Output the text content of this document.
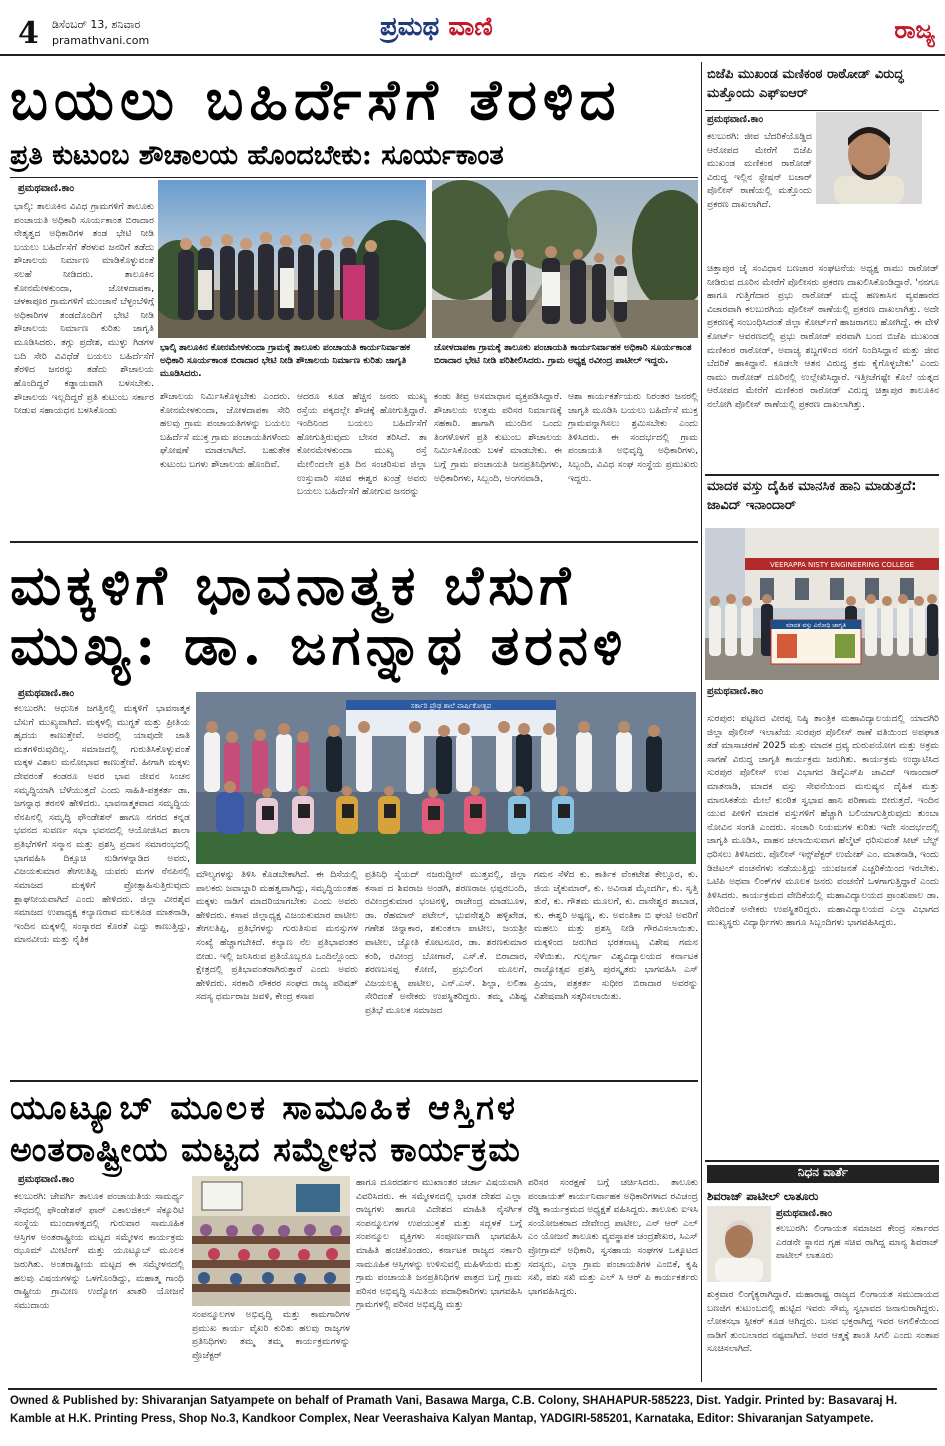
4 ಡಿಸೆಂಬರ್ 13, ಶನಿವಾರ
pramathvani.com	ಪ್ರಮಥ ವಾಣಿ	ರಾಜ್ಯ
ಬಯಲು ಬಹಿರ್ದೆಸೆಗೆ ತೆರಳಿದ
ಪ್ರತಿ ಕುಟುಂಬ ಶೌಚಾಲಯ ಹೊಂದಬೇಕು: ಸೂರ್ಯಕಾಂತ
ಪ್ರಮಥವಾಣಿ.ಕಾಂ
ಭಾಲ್ಕಿ: ತಾಲೂಕಿನ ವಿವಿಧ ಗ್ರಾಮಗಳಿಗೆ ತಾಲೂಕು ಪಂಚಾಯತಿ ಅಧಿಕಾರಿ ಸೂರ್ಯಕಾಂತ ಬಿರಾದಾರ ನೇತೃತ್ವದ ಅಧಿಕಾರಿಗಳ ತಂಡ ಭೇಟಿ ನೀಡಿ ಬಯಲು ಬಹಿರ್ದೆಸೆಗೆ ತೆರಳುವ ಜನರಿಗೆ ತಡೆದು ಶೌಚಾಲಯ ನಿರ್ಮಾಣ ಮಾಡಿಕೊಳ್ಳುವಂತೆ ಸಲಹೆ ನೀಡಿದರು. ತಾಲೂಕಿನ ಕೋನಮೇಳಕುಂದಾ, ಜೋಳದಾಪಕಾ, ಚಳಕಾಪೂರ ಗ್ರಾಮಗಳಿಗೆ ಮುಂಜಾನೆ ಬೆಳ್ಳಂಬೆಳಿಗ್ಗೆ ಅಧಿಕಾರಿಗಳ ತಂಡದೊಂದಿಗೆ ಭೇಟಿ ನೀಡಿ ಶೌಚಾಲಯ ನಿರ್ಮಾಣ ಕುರಿತು ಜಾಗೃತಿ ಮೂಡಿಸಿದರು. ತಗ್ಗು ಪ್ರದೇಶ, ಮುಳ್ಳು ಗಿಡಗಳ ಬದಿ ಸೇರಿ ವಿವಿಧೆಡೆ ಬಯಲು ಬಹಿರ್ದೆಸೆಗೆ ತೆರಳಿದ ಜನರನ್ನು ತಡೆದು ಶೌಚಾಲಯ ಹೊಂದಿದ್ದರೆ ಕಡ್ಡಾಯವಾಗಿ ಬಳಸಬೇಕು. ಶೌಚಾಲಯ ಇಲ್ಲದಿದ್ದರೆ ಪ್ರತಿ ಕುಟುಂಬ ಸರ್ಕಾರ ನೀಡುವ ಸಹಾಯಧನ ಬಳಸಿಕೊಂಡು
ಭಾಲ್ಕಿ ತಾಲೂಕಿನ ಕೋನಮೇಳಕುಂದಾ ಗ್ರಾಮಕ್ಕೆ ತಾಲೂಕು ಪಂಚಾಯತಿ ಕಾರ್ಯನಿರ್ವಾಹಕ ಅಧಿಕಾರಿ ಸೂರ್ಯಕಾಂತ ಬಿರಾದಾರ ಭೇಟಿ ನೀಡಿ ಶೌಚಾಲಯ ನಿರ್ಮಾಣ ಕುರಿತು ಜಾಗೃತಿ ಮೂಡಿಸಿದರು.
ಜೋಳದಾಪಕಾ ಗ್ರಾಮಕ್ಕೆ ತಾಲೂಕು ಪಂಚಾಯತಿ ಕಾರ್ಯನಿರ್ವಾಹಕ ಅಧಿಕಾರಿ ಸೂರ್ಯಕಾಂತ ಬಿರಾದಾರ ಭೇಟಿ ನೀಡಿ ಪರಿಶೀಲಿಸಿದರು. ಗ್ರಾಮ ಅಧ್ಯಕ್ಷ ರವೀಂದ್ರ ಪಾಟೀಲ್ ಇದ್ದರು.
ಶೌಚಾಲಯ ನಿರ್ಮಿಸಿಕೊಳ್ಳಬೇಕು ಎಂದರು. ಕೋನಮೇಳಕುಂದಾ, ಜೋಳದಾಪಕಾ ಸೇರಿ ಹಲವು ಗ್ರಾಮ ಪಂಚಾಯತಿಗಳನ್ನು ಬಯಲು ಬಹಿರ್ದೆಸೆ ಮುಕ್ತ ಗ್ರಾಮ ಪಂಚಾಯತಿಗಳೆಂದು ಘೋಷಣೆ ಮಾಡಲಾಗಿದೆ. ಬಹುತೇಕ ಕುಟುಂಬ ಬಗಳು ಶೌಚಾಲಯ ಹೊಂದಿವೆ.
ಆದರೂ ಕೂಡ ಹೆಚ್ಚಿನ ಜನರು ಮುಖ್ಯ ರಸ್ತೆಯ ಪಕ್ಕದಲ್ಲೇ ಶೌಚಕ್ಕೆ ಹೋಗುತ್ತಿದ್ದಾರೆ. ಇಂದಿನಿಂದ ಬಯಲು ಬಹಿರ್ದೆಸೆಗೆ ಹೋಗುತ್ತಿರುವುದು ಬೇಸರ ತರಿಸಿದೆ. ತಾ ಕೋನಮೇಳಕುಂದಾ ಮುಖ್ಯ ರಸ್ತೆ ಮೇಲಿಂದಲೇ ಪ್ರತಿ ದಿನ ಸಂಚರಿಸುವ ಜಿಲ್ಲಾ ಉಸ್ತುವಾರಿ ಸಚಿವ ಈಶ್ವರ ಖಂಡ್ರೆ ಅವರು ಬಯಲು ಬಹಿರ್ದೆಸೆಗೆ ಹೋಗುವ ಜನರನ್ನು
ಕಂಡು ತೀವ್ರ ಅಸಮಾಧಾನ ವ್ಯಕ್ತಪಡಿಸಿದ್ದಾರೆ. ಶೌಚಾಲಯ ಉತ್ತಮ ಪರಿಸರ ನಿರ್ಮಾಣಕ್ಕೆ ಸಹಕಾರಿ. ಹಾಗಾಗಿ ಮುಂದಿನ ಒಂದು ತಿಂಗಳೊಳಗೆ ಪ್ರತಿ ಕುಟುಂಬ ಶೌಚಾಲಯ ನಿರ್ಮಿಸಿಕೊಂಡು ಬಳಕೆ ಮಾಡಬೇಕು. ಈ ಬಗ್ಗೆ ಗ್ರಾಮ ಪಂಚಾಯತಿ ಜನಪ್ರತಿನಿಧಿಗಳು, ಅಧಿಕಾರಿಗಳು, ಸಿಬ್ಬಂದಿ, ಅಂಗನವಾಡಿ,
ಆಶಾ ಕಾರ್ಯಕರ್ತೆಯರು ನಿರಂತರ ಜನರಲ್ಲಿ ಜಾಗೃತಿ ಮೂಡಿಸಿ ಬಯಲು ಬಹಿರ್ದೆಸೆ ಮುಕ್ತ ಗ್ರಾಮವನ್ನಾಗಿಸಲು ಶ್ರಮಿಸಬೇಕು ಎಂದು ತಿಳಿಸಿದರು. ಈ ಸಂದರ್ಭದಲ್ಲಿ ಗ್ರಾಮ ಪಂಚಾಯತಿ ಅಭಿವೃದ್ಧಿ ಅಧಿಕಾರಿಗಳು, ಸಿಬ್ಬಂದಿ, ವಿವಿಧ ಸಂಘ ಸಂಸ್ಥೆಯ ಪ್ರಮುಖರು ಇದ್ದರು.
ಬಿಜೆಪಿ ಮುಖಂಡ ಮಣಿಕಂಠ ರಾಠೋಡ್ ವಿರುದ್ಧ ಮತ್ತೊಂದು ಎಫ್‌ಐಆರ್
ಪ್ರಮಥವಾಣಿ.ಕಾಂ
ಕಲಬುರಗಿ: ಜೀವ ಬೆದರಿಕೆಯೊಡ್ಡಿದ ಆರೋಪದ ಮೇರೆಗೆ ಬಿಜೆಪಿ ಮುಖಂಡ ಮಣಿಕಂಠ ರಾಠೋಡ್ ವಿರುದ್ಧ ಇಲ್ಲಿನ ಸ್ಟೇಷನ್ ಬಜಾರ್ ಪೊಲೀಸ್ ಠಾಣೆಯಲ್ಲಿ ಮತ್ತೊಂದು ಪ್ರಕರಣ ದಾಖಲಾಗಿದೆ.
ಚಿತ್ತಾಪುರ ಜೈ ಸಂವಿಧಾನ ಬಣಜಾರ ಸಂಘಟನೆಯ ಅಧ್ಯಕ್ಷ ರಾಮು ರಾಠೋಡ್ ನೀಡಿರುವ ದೂರಿನ ಮೇರೆಗೆ ಪೊಲೀಸರು ಪ್ರಕರಣ ದಾಖಲಿಸಿಕೊಂಡಿದ್ದಾರೆ. 'ನನಗೂ ಹಾಗೂ ಗುತ್ತಿಗೆದಾರ ಪ್ರಭು ರಾಠೋಡ್ ಮಧ್ಯೆ ಹಣಕಾಸಿನ ವ್ಯವಹಾರದ ವಿಚಾರವಾಗಿ ಕಲಬುರಗಿಯ ಪೊಲೀಸ್ ಠಾಣೆಯಲ್ಲಿ ಪ್ರಕರಣ ದಾಖಲಾಗಿತ್ತು. ಅದೇ ಪ್ರಕರಣಕ್ಕೆ ಸಂಬಂಧಿಸಿದಂತೆ ಜಿಲ್ಲಾ ಕೋರ್ಟ್‌ಗೆ ಹಾಜರಾಗಲು ಹೋಗಿದ್ದೆ. ಈ ವೇಳೆ ಕೋರ್ಟ್ ಆವರಣದಲ್ಲಿ ಪ್ರಭು ರಾಠೋಡ್ ಪರವಾಗಿ ಬಂದ ಬಿಜೆಪಿ ಮುಖಂಡ ಮಣಿಕಂಠ ರಾಠೋಡ್, ಅವಾಚ್ಯ ಶಬ್ದಗಳಿಂದ ನನಗೆ ನಿಂದಿಸಿದ್ದಾನೆ ಮತ್ತು ಜೀವ ಬೆದರಿಕೆ ಹಾಕಿದ್ದಾನೆ. ಕೂಡಲೇ ಆತನ ವಿರುದ್ಧ ಕ್ರಮ ಕೈಗೊಳ್ಳಬೇಕು' ಎಂದು ರಾಮು ರಾಠೋಡ್ ದೂರಿನಲ್ಲಿ ಉಲ್ಲೇಖಿಸಿದ್ದಾರೆ. ಇತ್ತೀಚೆಗಷ್ಟೇ ಕೊಲೆ ಯತ್ನದ ಆರೋಪದ ಮೇರೆಗೆ ಮಣಿಕಂಠ ರಾಠೋಡ್ ವಿರುದ್ಧ ಚಿತ್ತಾಪುರ ತಾಲೂಕಿನ ನಲೋಗಿ ಪೊಲೀಸ್ ಠಾಣೆಯಲ್ಲಿ ಪ್ರಕರಣ ದಾಖಲಾಗಿತ್ತು.
ಮಾದಕ ವಸ್ತು ದೈಹಿಕ ಮಾನಸಿಕ ಹಾನಿ ಮಾಡುತ್ತದೆ: ಜಾವಿದ್ ಇನಾಂದಾರ್
VEERAPPA NISTY ENGINEERING COLLEGE
ಮಾದಕ ವಸ್ತು ವಿರೋಧಿ ಜಾಗೃತಿ
ಪ್ರಮಥವಾಣಿ.ಕಾಂ
ಸುರಪುರ: ಪಟ್ಟಣದ ವೀರಪ್ಪ ನಿಷ್ಠಿ ತಾಂತ್ರಿಕ ಮಹಾವಿದ್ಯಾಲಯದಲ್ಲಿ ಯಾದಗಿರಿ ಜಿಲ್ಲಾ ಪೊಲೀಸ್ ಇಲಾಖೆಯ ಸುರಪುರ ಪೊಲೀಸ್ ಠಾಣೆ ವತಿಯಿಂದ ಅಪಘಾತ ತಡೆ ಮಾಸಾಚರಣೆ 2025 ಮತ್ತು ಮಾದಕ ದ್ರವ್ಯ ದುರುಪಯೋಗ ಮತ್ತು ಅಕ್ರಮ ಸಾಗಣೆ ವಿರುದ್ಧ ಜಾಗೃತಿ ಕಾರ್ಯಕ್ರಮ ಜರುಗಿತು. ಕಾರ್ಯಕ್ರಮ ಉದ್ಘಾಟಿಸಿದ ಸುರಪುರ ಪೊಲೀಸ್ ಉಪ ವಿಭಾಗದ ಡಿವೈಎಸ್‌ಪಿ ಜಾವಿದ್ ಇನಾಂದಾರ್ ಮಾತನಾಡಿ, ಮಾದಕ ವಸ್ತು ಸೇವನೆಯಿಂದ ಮನುಷ್ಯನ ದೈಹಿಕ ಮತ್ತು ಮಾನಸಿಕತೆಯ ಮೇಲೆ ಕುಂಠಿತ ಸ್ವಭಾವ ಹಾನಿ ಪರಿಣಾಮ ಬೀರುತ್ತದೆ. ಇಂದಿನ ಯುವ ಪೀಳಿಗೆ ಮಾದಕ ವಸ್ತುಗಳಿಗೆ ಹೆಚ್ಚಾಗಿ ಬಲಿಯಾಗುತ್ತಿರುವುದು ತುಂಬಾ ನೋವಿನ ಸಂಗತಿ ಎಂದರು. ಸಂಚಾರಿ ನಿಯಮಗಳ ಕುರಿತು ಇದೇ ಸಂದರ್ಭದಲ್ಲಿ ಜಾಗೃತಿ ಮೂಡಿಸಿ, ವಾಹನ ಚಲಾಯಿಸುವಾಗ ಹೆಲ್ಮೆಟ್ ಧರಿಸುವಂತೆ ಸೀಟ್ ಬೆಲ್ಟ್ ಧರಿಸಲು ತಿಳಿಸಿದರು. ಪೊಲೀಸ್ ಇನ್ಸ್‌ಪೆಕ್ಟರ್ ಉಮೇಶ್ ಎಂ. ಮಾತನಾಡಿ, ಇಂದು ಡಿಜಿಟಲ್ ವಂಚನೆಗಳು ನಡೆಯುತ್ತಿದ್ದು ಯುವಜನತೆ ಎಚ್ಚರಿಕೆಯಿಂದ ಇರಬೇಕು. ಒಟಿಪಿ ಅಥವಾ ಲಿಂಕ್‌ಗಳ ಮೂಲಕ ಜನರು ವಂಚನೆಗೆ ಒಳಗಾಗುತ್ತಿದ್ದಾರೆ ಎಂದು ತಿಳಿಸಿದರು. ಕಾರ್ಯಕ್ರಮದ ವೇದಿಕೆಯಲ್ಲಿ ಮಹಾವಿದ್ಯಾಲಯದ ಪ್ರಾಂಶುಪಾಲ ಡಾ. ಸೇರಿದಂತೆ ಅನೇಕರು ಉಪಸ್ಥಿತರಿದ್ದರು. ಮಹಾವಿದ್ಯಾಲಯದ ಎಲ್ಲಾ ವಿಭಾಗದ ಮುಖ್ಯಸ್ಥರು ವಿದ್ಯಾರ್ಥಿಗಳು ಹಾಗೂ ಸಿಬ್ಬಂದಿಗಳು ಭಾಗವಹಿಸಿದ್ದರು.
ಮಕ್ಕಳಿಗೆ ಭಾವನಾತ್ಮಕ ಬೆಸುಗೆ
ಮುಖ್ಯ: ಡಾ. ಜಗನ್ನಾಥ ತರನಳಿ
ಪ್ರಮಥವಾಣಿ.ಕಾಂ
ಕಲಬುರಗಿ: ಆಧುನಿಕ ಜಗತ್ತಿನಲ್ಲಿ ಮಕ್ಕಳಿಗೆ ಭಾವನಾತ್ಮಕ ಬೆಸುಗೆ ಮುಖ್ಯವಾಗಿದೆ. ಮಕ್ಕಳಲ್ಲಿ ಮುಗ್ಧತೆ ಮತ್ತು ಪ್ರೀತಿಯ ಹೃದಯ ಕಾಣುತ್ತೇವೆ. ಅವರಲ್ಲಿ ಯಾವುದೇ ಜಾತಿ ಮತಗಳಿರುವುದಿಲ್ಲ. ಸಮಾಜದಲ್ಲಿ ಗುರುತಿಸಿಕೊಳ್ಳುವಂತೆ ಮಕ್ಕಳ ವಿಶಾಲ ಮನೋಭಾವ ಕಾಣುತ್ತೇವೆ. ಹೀಗಾಗಿ ಮಕ್ಕಳು ದೇವರಂತೆ ಕಂಡರೂ ಅವರ ಭಾವ ಜೀವನ ಸಿಂಚನ ಸಮೃದ್ಧಿಯಾಗಿ ಬೆಳೆಯುತ್ತದೆ ಎಂದು ಸಾಹಿತಿ-ಪತ್ರಕರ್ತ ಡಾ. ಜಗನ್ನಾಥ ತರನಳಿ ಹೇಳಿದರು. ಭಾವನಾತ್ಮಕವಾದ ಸಮೃದ್ಧಿಯ ನೆನಪಿನಲ್ಲಿ ಸಮೃದ್ಧಿ ಫೌಂಡೇಶನ್ ಹಾಗೂ ನಗರದ ಕನ್ನಡ ಭವನದ ಸುವರ್ಣ ಸಭಾ ಭವನದಲ್ಲಿ ಆಯೋಜಿಸಿದ ಶಾಲಾ ಪ್ರತಿಭೆಗಳಿಗೆ ಸನ್ಮಾನ ಮತ್ತು ಪ್ರಶಸ್ತಿ ಪ್ರದಾನ ಸಮಾರಂಭದಲ್ಲಿ ಭಾಗವಹಿಸಿ ದಿಕ್ಸೂಚಿ ನುಡಿಗಳನ್ನಾಡಿದ ಅವರು, ವಿಜಯಕುಮಾರ ತೇಗಲತಿಪ್ಪಿ ಯವರು ಮಗಳ ನೆನಪಿನಲ್ಲಿ ಸಮಾಜದ ಮಕ್ಕಳಿಗೆ ಪ್ರೋತ್ಸಾಹಿಸುತ್ತಿರುವುದು ಶ್ಲಾಘನೀಯವಾಗಿದೆ ಎಂದು ಹೇಳಿದರು. ಜಿಲ್ಲಾ ವೀರಶೈವ ಸಮಾಜದ ಉಪಾಧ್ಯಕ್ಷ ಕಲ್ಯಾಣರಾವ ಮಲಕೂಡ ಮಾತನಾಡಿ, ಇಂದಿನ ಮಕ್ಕಳಲ್ಲಿ ಸಂಸ್ಕಾರದ ಕೊರತೆ ಎದ್ದು ಕಾಣುತ್ತಿದ್ದು, ಮಾನವೀಯ ಮತ್ತು ನೈತಿಕ
ಸರ್ಕಾರಿ ಪ್ರೌಢ ಶಾಲೆ ವಾರ್ಷಿಕೋತ್ಸವ
ಮೌಲ್ಯಗಳನ್ನು ತಿಳಿಸಿ ಕೊಡಬೇಕಾಗಿದೆ. ಈ ದಿಸೆಯಲ್ಲಿ ಪಾಲಕರು ಜವಾಬ್ದಾರಿ ಮಹತ್ವವಾಗಿದ್ದು, ಸಮೃದ್ಧಿಯಂತಹ ಮಕ್ಕಳು ನಾಡಿಗೆ ಮಾದರಿಯಾಗಬೇಕು ಎಂದು ಅವರು ಹೇಳಿದರು. ಕಸಾಪ ಜಿಲ್ಲಾಧ್ಯಕ್ಷ ವಿಜಯಕುಮಾರ ಪಾಟೀಲ ತೇಗಲತಿಪ್ಪಿ, ಪ್ರತಿಭೆಗಳನ್ನು ಗುರುತಿಸುವ ಮನಸ್ಸುಗಳ ಸಂಖ್ಯೆ ಹೆಚ್ಚಾಗಬೇಕಿದೆ. ಕಲ್ಯಾಣ ನೆಲ ಪ್ರತಿಭಾವಂತರ ಬೀಡು. ಇಲ್ಲಿ ಜನಿಸಿರುವ ಪ್ರತಿಯೊಬ್ಬರೂ ಒಂದಿಲ್ಲೊಂದು ಕ್ಷೇತ್ರದಲ್ಲಿ ಪ್ರತಿಭಾವಂತರಾಗಿರುತ್ತಾರೆ ಎಂದು ಅವರು ಹೇಳಿದರು. ಸರಕಾರಿ ನೌಕರರ ಸಂಘದ ರಾಜ್ಯ ಪರಿಷತ್ ಸದಸ್ಯ ಧರ್ಮರಾಜ ಜವಳಿ, ಕೇಂದ್ರ ಕಸಾಪ
ಪ್ರತಿನಿಧಿ ಸೈಯದ್ ನಜರುದ್ದೀನ್ ಮುತ್ತವಲ್ಲಿ, ಜಿಲ್ಲಾ ಕಸಾಪ ದ ಶಿವರಾಜ ಅಂಡಗಿ, ಶರಣರಾಜ ಛಪ್ಪರಬಂದಿ, ರವೀಂದ್ರಕುಮಾರ ಭಂಟನಳ್ಳಿ, ರಾಜೇಂದ್ರ ಮಾಡಬೂಳ, ಡಾ. ರೆಹಮಾನ್ ಪಟೇಲ್, ಭುವನೇಶ್ವರಿ ಹಳ್ಳಿಖೇಡ, ಗಣೇಶ ಚಿನ್ನಾಕಾರ, ಶಕುಂತಲಾ ಪಾಟೀಲ, ಜಯಶ್ರೀ ಪಾಟೀಲ, ಜ್ಯೋತಿ ಕೋಟನೂರ, ಡಾ. ಶರಣಕುಮಾರ ಕಂಠಿ, ರವೀಂದ್ರ ಬೋಗಾರೆ, ಎಸ್.ಕೆ. ಬಿರಾದಾರ, ಶರಣಬಸಪ್ಪ ಕೋಣಿ, ಪ್ರಭುಲಿಂಗ ಮೂಲಗೆ, ವಿಜಯಲಕ್ಷ್ಮಿ ಪಾಟೀಲ, ಎನ್.ಎಸ್. ಶಿಲ್ಪಾ, ಲಲಿತಾ ಸೇರಿದಂತೆ ಅನೇಕರು ಉಪಸ್ಥಿತರಿದ್ದರು. ತಮ್ಮ ವಿಶಿಷ್ಟ ಪ್ರತಿಭೆ ಮೂಲಕ ಸಮಾಜದ
ಗಮನ ಸೆಳೆದ ಕು. ಕಾರ್ತಿಕ ವೆಂಕಟೇಶ ಕೇಲ್ಲೂರ, ಕು. ಜಿಯ ಜೈಕುಮಾರ್, ಕು. ಅವಿನಾಶ ಮೈಂದರ್ಗಿ, ಕು. ಸೃತ್ತಿ ತುರೆ, ಕು. ಗೌತಮ ಮೂಲಗೆ, ಕು. ದಾನೇಶ್ವರ ಶಾಬಾಡ, ಕು. ಈಶ್ವರಿ ಅಷ್ಟಣ್ಣ, ಕು. ಅವಂತಿಕಾ ಬಿ ಘಂಟಿ ಅವರಿಗೆ ಮಹಲು ಮತ್ತು ಪ್ರಶಸ್ತಿ ನೀಡಿ ಗೌರವಿಸಲಾಯಿತು. ಮಕ್ಕಳಿಂದ ಜರುಗಿದ ಭರತನಾಟ್ಯ ವಿಶೇಷ ಗಮನ ಸೆಳೆಯಿತು. ಗುಲ್ಬರ್ಗಾ ವಿಶ್ವವಿದ್ಯಾಲಯದ ಕರ್ನಾಟಕ ರಾಜ್ಯೋತ್ಸವ ಪ್ರಶಸ್ತಿ ಪುರಸ್ಕೃತರು ಭಾಗವಹಿಸಿ ಎಸ್ ಪ್ರಿಯಾ, ಪತ್ರಕರ್ತ ಸುಧೀರ ಬಿರಾದಾರ ಅವರನ್ನು ವಿಶೇಷವಾಗಿ ಸತ್ಕರಿಸಲಾಯಿತು.
ಯೂಟ್ಯೂಬ್ ಮೂಲಕ ಸಾಮೂಹಿಕ ಆಸ್ತಿಗಳ
ಅಂತರಾಷ್ಟ್ರೀಯ ಮಟ್ಟದ ಸಮ್ಮೇಳನ ಕಾರ್ಯಕ್ರಮ
ಪ್ರಮಥವಾಣಿ.ಕಾಂ
ಕಲಬುರಗಿ: ಜೇವರ್ಗಿ ತಾಲೂಕ ಪಂಚಾಯತಿಯ ಸಾಮರ್ಥ್ಯ ಸೌಧದಲ್ಲಿ ಫೌಂಡೇಶನ್ ಫಾರ್ ಎಕಾಲಜಿಕಲ್ ಸೆಕ್ಯೂರಿಟಿ ಸಂಸ್ಥೆಯ ಮುಂದಾಳತ್ವದಲ್ಲಿ ಗುರುವಾರ ಸಾಮೂಹಿಕ ಆಸ್ತಿಗಳ ಅಂತರಾಷ್ಟ್ರೀಯ ಮಟ್ಟದ ಸಮ್ಮೇಳನ ಕಾರ್ಯಕ್ರಮ ಝೂಮ್ ಮೀಟಿಂಗ್ ಮತ್ತು ಯೂಟ್ಯೂಬ್ ಮೂಲಕ ಜರುಗಿತು. ಅಂತರಾಷ್ಟ್ರೀಯ ಮಟ್ಟದ ಈ ಸಮ್ಮೇಳನದಲ್ಲಿ ಹಲವು ವಿಷಯಗಳನ್ನು ಒಳಗೊಂಡಿದ್ದು, ಮಹಾತ್ಮ ಗಾಂಧಿ ರಾಷ್ಟ್ರೀಯ ಗ್ರಾಮೀಣ ಉದ್ಯೋಗ ಖಾತರಿ ಯೋಜನೆ ಸಮುದಾಯ
ಸಂಪನ್ಮೂಲಗಳ ಅಭಿವೃದ್ಧಿ ಮತ್ತು ಕಾಮಗಾರಿಗಳ ಪ್ರಮುಖ ಕಾರ್ಯ ವೈಖರಿ ಕುರಿತು ಹಲವು ರಾಜ್ಯಗಳ ಪ್ರತಿನಿಧಿಗಳು ತಮ್ಮ ತಮ್ಮ ಕಾರ್ಯಕ್ರಮಗಳನ್ನು ಪ್ರೊಜೆಕ್ಟರ್
ಹಾಗೂ ದೂರದರ್ಶನ ಮುಖಾಂತರ ಚರ್ಚಾ ವಿಷಯವಾಗಿ ವಿವರಿಸಿದರು. ಈ ಸಮ್ಮೇಳನದಲ್ಲಿ ಭಾರತ ದೇಶದ ಎಲ್ಲಾ ರಾಜ್ಯಗಳು ಹಾಗೂ ವಿದೇಶದ ಮಾಹಿತಿ ನೈಸರ್ಗಿಕ ಸಂಪನ್ಮೂಲಗಳ ಉಪಯುಕ್ತತೆ ಮತ್ತು ಸದ್ಬಳಕೆ ಬಗ್ಗೆ ಸಂಪನ್ಮೂಲ ವ್ಯಕ್ತಿಗಳು ಸಂಪೂರ್ಣವಾಗಿ ಭಾಗವಹಿಸಿ ಮಾಹಿತಿ ಹಂಚಿಕೊಂಡರು. ಕರ್ನಾಟಕ ರಾಜ್ಯದ ಸರ್ಕಾರಿ ಸಾಮೂಹಿಕ ಆಸ್ತಿಗಳನ್ನು ಉಳಿಸುವಲ್ಲಿ ಮಹಿಳೆಯರು ಮತ್ತು ಗ್ರಾಮ ಪಂಚಾಯತಿ ಜನಪ್ರತಿನಿಧಿಗಳ ಪಾತ್ರದ ಬಗ್ಗೆ ಗ್ರಾಮ ಪರಿಸರ ಅಭಿವೃದ್ಧಿ ಸಮಿತಿಯ ಪದಾಧಿಕಾರಿಗಳು ಭಾಗವಹಿಸಿ ಗ್ರಾಮಗಳಲ್ಲಿ ಪರಿಸರ ಅಭಿವೃದ್ಧಿ ಮತ್ತು
ಪರಿಸರ ಸಂರಕ್ಷಣೆ ಬಗ್ಗೆ ಚರ್ಚಿಸಿದರು. ತಾಲೂಕು ಪಂಚಾಯತ್ ಕಾರ್ಯನಿರ್ವಾಹಕ ಅಧಿಕಾರಿಗಳಾದ ರವಿಚಂದ್ರ ರೆಡ್ಡಿ ಕಾರ್ಯಕ್ರಮದ ಅಧ್ಯಕ್ಷತೆ ವಹಿಸಿದ್ದರು. ತಾಲೂಕು ಐಇಸಿ ಸಂಯೋಜಕರಾದ ದೇವೇಂದ್ರ ಪಾಟೀಲ, ಎನ್ ಆರ್ ಎಲ್ ಎಂ ಯೋಜನೆ ತಾಲೂಕು ವ್ಯವಸ್ಥಾಪಕ ಚಂದ್ರಶೇಖರ, ಸಿಎಸ್ ಪ್ರೋಗ್ರಾಮ್ ಅಧಿಕಾರಿ, ಸ್ವಸಹಾಯ ಸಂಘಗಳ ಒಕ್ಕೂಟದ ಸದಸ್ಯರು, ಎಲ್ಲಾ ಗ್ರಾಮ ಪಂಚಾಯತಿಗಳ ಎಂಬಿಕೆ, ಕೃಷಿ ಸಖಿ, ಪಶು ಸಖಿ ಮತ್ತು ಎಲ್ ಸಿ ಆರ್ ಪಿ ಕಾರ್ಯಕರ್ತರು ಭಾಗವಹಿಸಿದ್ದರು.
ನಿಧನ ವಾರ್ತೆ
ಶಿವರಾಜ್ ಪಾಟೀಲ್ ಲಾತೂರು
ಪ್ರಮಥವಾಣಿ.ಕಾಂ
ಕಲಬುರಗಿ: ಲಿಂಗಾಯತ ಸಮಾಜದ ಕೇಂದ್ರ ಸರ್ಕಾರದ ಎರಡನೇ ಸ್ಥಾನದ ಗೃಹ ಸಚಿವ ರಾಗಿದ್ದ ಮಾನ್ಯ ಶಿವರಾಜ್ ಪಾಟೀಲ್ ಲಾತೂರು
ಶುಕ್ರವಾರ ಲಿಂಗೈಕ್ಯರಾಗಿದ್ದಾರೆ. ಮಹಾರಾಷ್ಟ್ರ ರಾಜ್ಯದ ಲಿಂಗಾಯತ ಸಮುದಾಯದ ಬಣಜಿಗ ಕುಟುಂಬದಲ್ಲಿ ಹುಟ್ಟಿದ ಇವರು ಸೌಮ್ಯ ಸ್ವಭಾವದ ಜನಾನುರಾಗಿದ್ದರು. ಲೋಕಸಭಾ ಸ್ಪೀಕರ್ ಕೂಡ ಆಗಿದ್ದರು. ಬಸವ ಭಕ್ತರಾಗಿದ್ದ ಇವರ ಅಗಲಿಕೆಯಿಂದ ನಾಡಿಗೆ ತುಂಬಲಾರದ ನಷ್ಟವಾಗಿದೆ. ಅವರ ಆತ್ಮಕ್ಕೆ ಶಾಂತಿ ಸಿಗಲಿ ಎಂದು ಸಂತಾಪ ಸೂಚಿಸಲಾಗಿದೆ.
Owned & Published by: Shivaranjan Satyampete on behalf of Pramath Vani, Basawa Marga, C.B. Colony, SHAHAPUR-585223, Dist. Yadgir. Printed by: Basavaraj H. Kamble at H.K. Printing Press, Shop No.3, Kandkoor Complex, Near Veerashaiva Kalyan Mantap, YADGIRI-585201, Karnataka, Editor: Shivaranjan Satyampete.
